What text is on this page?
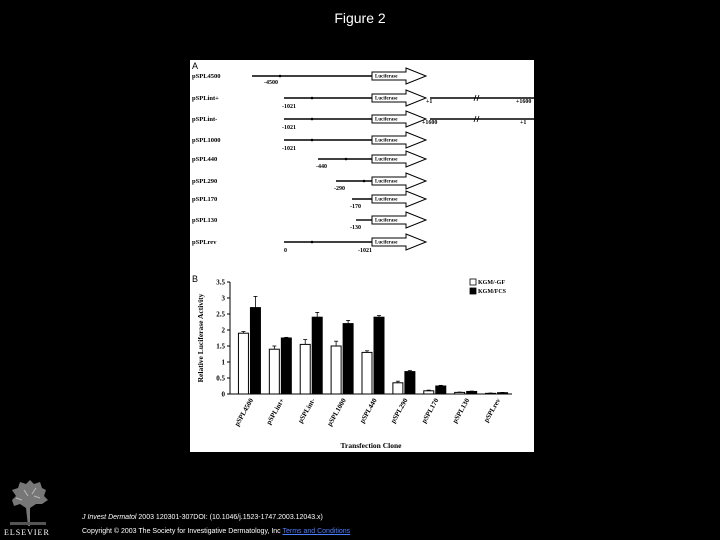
Figure 2
A
pSPL4500	Luciferase
-4500
pSPLint+	Luciferase
-1021
+1	+1600
pSPLint-	Luciferase
-1021
+1600	+1
pSPL1000	Luciferase
-1021
pSPL440	Luciferase
-440
pSPL290	Luciferase
-290
pSPL170	Luciferase
-170
pSPL130	Luciferase
-130
pSPLrev	Luciferase
0	-1021
B
0
0.5
1
1.5
2
2.5
3
3.5
Relative Luciferase Activity
pSPL4500 pSPLint+ pSPLint- pSPL1000 pSPL440 pSPL290 pSPL170 pSPL130 pSPLrev
Transfection Clone
KGM/-GF
KGM/FCS
ELSEVIER
J Invest Dermatol 2003 120301-307DOI: (10.1046/j.1523-1747.2003.12043.x)
Copyright © 2003 The Society for Investigative Dermatology, Inc Terms and Conditions
